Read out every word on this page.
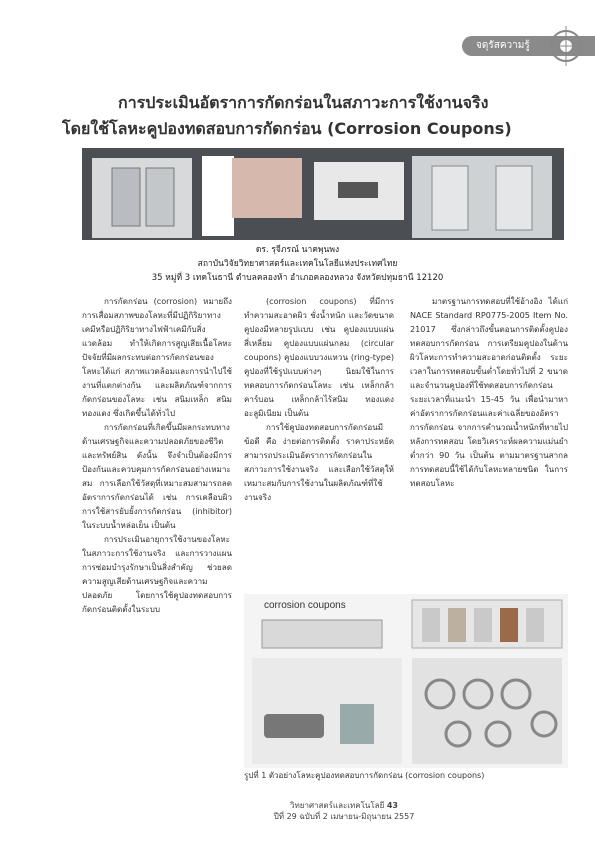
จดุรัสความรู้
การประเมินอัตราการกัดกร่อนในสภาวะการใช้งานจริง
โดยใช้โลหะคูปองทดสอบการกัดกร่อน (Corrosion Coupons)
ดร. รุจีภรณ์ นาคพุนพง
สถาบันวิจัยวิทยาศาสตร์และเทคโนโลยีแห่งประเทศไทย
35 หมู่ที่ 3 เทคโนธานี ตำบลคลองห้า อำเภอคลองหลวง จังหวัดปทุมธานี 12120

การกัดกร่อน (corrosion) หมายถึง การเสื่อมสภาพของโลหะที่มีปฏิกิริยาทางเคมีหรือปฏิกิริยาทางไฟฟ้าเคมีกับสิ่งแวดล้อม ทำให้เกิดการสูญเสียเนื้อโลหะ ปัจจัยที่มีผลกระทบต่อการกัดกร่อนของโลหะได้แก่ สภาพแวดล้อมและการนำไปใช้งานที่แตกต่างกัน และผลิตภัณฑ์จากการกัดกร่อนของโลหะ เช่น สนิมเหล็ก สนิมทองแดง ซึ่งเกิดขึ้นได้ทั่วไป

การกัดกร่อนที่เกิดขึ้นมีผลกระทบทางด้านเศรษฐกิจและความปลอดภัยของชีวิตและทรัพย์สิน ดังนั้น จึงจำเป็นต้องมีการป้องกันและควบคุมการกัดกร่อนอย่างเหมาะสม การเลือกใช้วัสดุที่เหมาะสมสามารถลดอัตราการกัดกร่อนได้ เช่น การเคลือบผิว การใช้สารยับยั้งการกัดกร่อน (inhibitor) ในระบบน้ำหล่อเย็น เป็นต้น

การประเมินอายุการใช้งานของโลหะในสภาวะการใช้งานจริง และการวางแผนการซ่อมบำรุงรักษาเป็นสิ่งสำคัญ ช่วยลดความสูญเสียด้านเศรษฐกิจและความปลอดภัย โดยการใช้คูปองทดสอบการกัดกร่อนติดตั้งในระบบ

(corrosion coupons) ที่มีการทำความสะอาดผิว ชั่งน้ำหนัก และวัดขนาด คูปองมีหลายรูปแบบ เช่น คูปองแบบแผ่นสี่เหลี่ยม คูปองแบบแผ่นกลม (circular coupons) คูปองแบบวงแหวน (ring-type) คูปองที่ใช้รูปแบบต่างๆ นิยมใช้ในการทดสอบการกัดกร่อนโลหะ เช่น เหล็กกล้าคาร์บอน เหล็กกล้าไร้สนิม ทองแดง อะลูมิเนียม เป็นต้น

การใช้คูปองทดสอบการกัดกร่อนมีข้อดี คือ ง่ายต่อการติดตั้ง ราคาประหยัด สามารถประเมินอัตราการกัดกร่อนในสภาวะการใช้งานจริง และเลือกใช้วัสดุให้เหมาะสมกับการใช้งานในผลิตภัณฑ์ที่ใช้งานจริง

มาตรฐานการทดสอบที่ใช้อ้างอิง ได้แก่ NACE Standard RP0775-2005 Item No. 21017 ซึ่งกล่าวถึงขั้นตอนการติดตั้งคูปองทดสอบการกัดกร่อน การเตรียมคูปองในด้านผิวโลหะการทำความสะอาดก่อนติดตั้ง ระยะเวลาในการทดสอบขั้นต่ำโดยทั่วไปที่ 2 ขนาดและจำนวนคูปองที่ใช้ทดสอบการกัดกร่อน ระยะเวลาที่แนะนำ 15-45 วัน เพื่อนำมาหาค่าอัตราการกัดกร่อนและค่าเฉลี่ยของอัตราการกัดกร่อน จากการคำนวณน้ำหนักที่หายไปหลังการทดสอบ โดยวิเคราะห์ผลความแม่นยำต่ำกว่า 90 วัน เป็นต้น ตามมาตรฐานสากล การทดสอบนี้ใช้ได้กับโลหะหลายชนิด ในการทดสอบโลหะ

corrosion coupons
รูปที่ 1 ตัวอย่างโลหะคูปองทดสอบการกัดกร่อน (corrosion coupons)
วิทยาศาสตร์และเทคโนโลยี 43
ปีที่ 29 ฉบับที่ 2 เมษายน-มิถุนายน 2557
